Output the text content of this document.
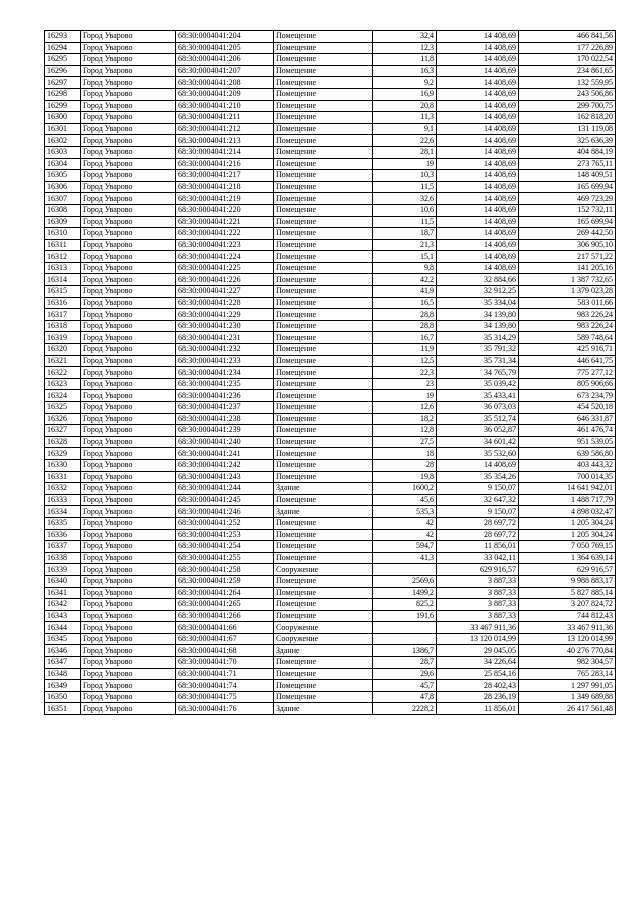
16293	Город Уварово	68:30:0004041:204	Помещение	32,4	14 408,69	466 841,56
16294	Город Уварово	68:30:0004041:205	Помещение	12,3	14 408,69	177 226,89
16295	Город Уварово	68:30:0004041:206	Помещение	11,8	14 408,69	170 022,54
16296	Город Уварово	68:30:0004041:207	Помещение	16,3	14 408,69	234 861,65
16297	Город Уварово	68:30:0004041:208	Помещение	9,2	14 408,69	132 559,95
16298	Город Уварово	68:30:0004041:209	Помещение	16,9	14 408,69	243 506,86
16299	Город Уварово	68:30:0004041:210	Помещение	20,8	14 408,69	299 700,75
16300	Город Уварово	68:30:0004041:211	Помещение	11,3	14 408,69	162 818,20
16301	Город Уварово	68:30:0004041:212	Помещение	9,1	14 408,69	131 119,08
16302	Город Уварово	68:30:0004041:213	Помещение	22,6	14 408,69	325 636,39
16303	Город Уварово	68:30:0004041:214	Помещение	28,1	14 408,69	404 884,19
16304	Город Уварово	68:30:0004041:216	Помещение	19	14 408,69	273 765,11
16305	Город Уварово	68:30:0004041:217	Помещение	10,3	14 408,69	148 409,51
16306	Город Уварово	68:30:0004041:218	Помещение	11,5	14 408,69	165 699,94
16307	Город Уварово	68:30:0004041:219	Помещение	32,6	14 408,69	469 723,29
16308	Город Уварово	68:30:0004041:220	Помещение	10,6	14 408,69	152 732,11
16309	Город Уварово	68:30:0004041:221	Помещение	11,5	14 408,69	165 699,94
16310	Город Уварово	68:30:0004041:222	Помещение	18,7	14 408,69	269 442,50
16311	Город Уварово	68:30:0004041:223	Помещение	21,3	14 408,69	306 905,10
16312	Город Уварово	68:30:0004041:224	Помещение	15,1	14 408,69	217 571,22
16313	Город Уварово	68:30:0004041:225	Помещение	9,8	14 408,69	141 205,16
16314	Город Уварово	68:30:0004041:226	Помещение	42,2	32 884,66	1 387 732,65
16315	Город Уварово	68:30:0004041:227	Помещение	41,9	32 912,25	1 379 023,28
16316	Город Уварово	68:30:0004041:228	Помещение	16,5	35 334,04	583 011,66
16317	Город Уварово	68:30:0004041:229	Помещение	28,8	34 139,80	983 226,24
16318	Город Уварово	68:30:0004041:230	Помещение	28,8	34 139,80	983 226,24
16319	Город Уварово	68:30:0004041:231	Помещение	16,7	35 314,29	589 748,64
16320	Город Уварово	68:30:0004041:232	Помещение	11,9	35 791,32	425 916,71
16321	Город Уварово	68:30:0004041:233	Помещение	12,5	35 731,34	446 641,75
16322	Город Уварово	68:30:0004041:234	Помещение	22,3	34 765,79	775 277,12
16323	Город Уварово	68:30:0004041:235	Помещение	23	35 039,42	805 906,66
16324	Город Уварово	68:30:0004041:236	Помещение	19	35 433,41	673 234,79
16325	Город Уварово	68:30:0004041:237	Помещение	12,6	36 073,03	454 520,18
16326	Город Уварово	68:30:0004041:238	Помещение	18,2	35 512,74	646 331,87
16327	Город Уварово	68:30:0004041:239	Помещение	12,8	36 052,87	461 476,74
16328	Город Уварово	68:30:0004041:240	Помещение	27,5	34 601,42	951 539,05
16329	Город Уварово	68:30:0004041:241	Помещение	18	35 532,60	639 586,80
16330	Город Уварово	68:30:0004041:242	Помещение	28	14 408,69	403 443,32
16331	Город Уварово	68:30:0004041:243	Помещение	19,8	35 354,26	700 014,35
16332	Город Уварово	68:30:0004041:244	Здание	1600,2	9 150,07	14 641 942,01
16333	Город Уварово	68:30:0004041:245	Помещение	45,6	32 647,32	1 488 717,79
16334	Город Уварово	68:30:0004041:246	Здание	535,3	9 150,07	4 898 032,47
16335	Город Уварово	68:30:0004041:252	Помещение	42	28 697,72	1 205 304,24
16336	Город Уварово	68:30:0004041:253	Помещение	42	28 697,72	1 205 304,24
16337	Город Уварово	68:30:0004041:254	Помещение	594,7	11 856,01	7 050 769,15
16338	Город Уварово	68:30:0004041:255	Помещение	41,3	33 042,11	1 364 639,14
16339	Город Уварово	68:30:0004041:258	Сооружение		629 916,57	629 916,57
16340	Город Уварово	68:30:0004041:259	Помещение	2569,6	3 887,33	9 988 883,17
16341	Город Уварово	68:30:0004041:264	Помещение	1499,2	3 887,33	5 827 885,14
16342	Город Уварово	68:30:0004041:265	Помещение	825,2	3 887,33	3 207 824,72
16343	Город Уварово	68:30:0004041:266	Помещение	191,6	3 887,33	744 812,43
16344	Город Уварово	68:30:0004041:66	Сооружение		33 467 911,36	33 467 911,36
16345	Город Уварово	68:30:0004041:67	Сооружение		13 120 014,99	13 120 014,99
16346	Город Уварово	68:30:0004041:68	Здание	1386,7	29 045,05	40 276 770,84
16347	Город Уварово	68:30:0004041:70	Помещение	28,7	34 226,64	982 304,57
16348	Город Уварово	68:30:0004041:71	Помещение	29,6	25 854,16	765 283,14
16349	Город Уварово	68:30:0004041:74	Помещение	45,7	28 402,43	1 297 991,05
16350	Город Уварово	68:30:0004041:75	Помещение	47,8	28 236,19	1 349 689,88
16351	Город Уварово	68:30:0004041:76	Здание	2228,2	11 856,01	26 417 561,48
